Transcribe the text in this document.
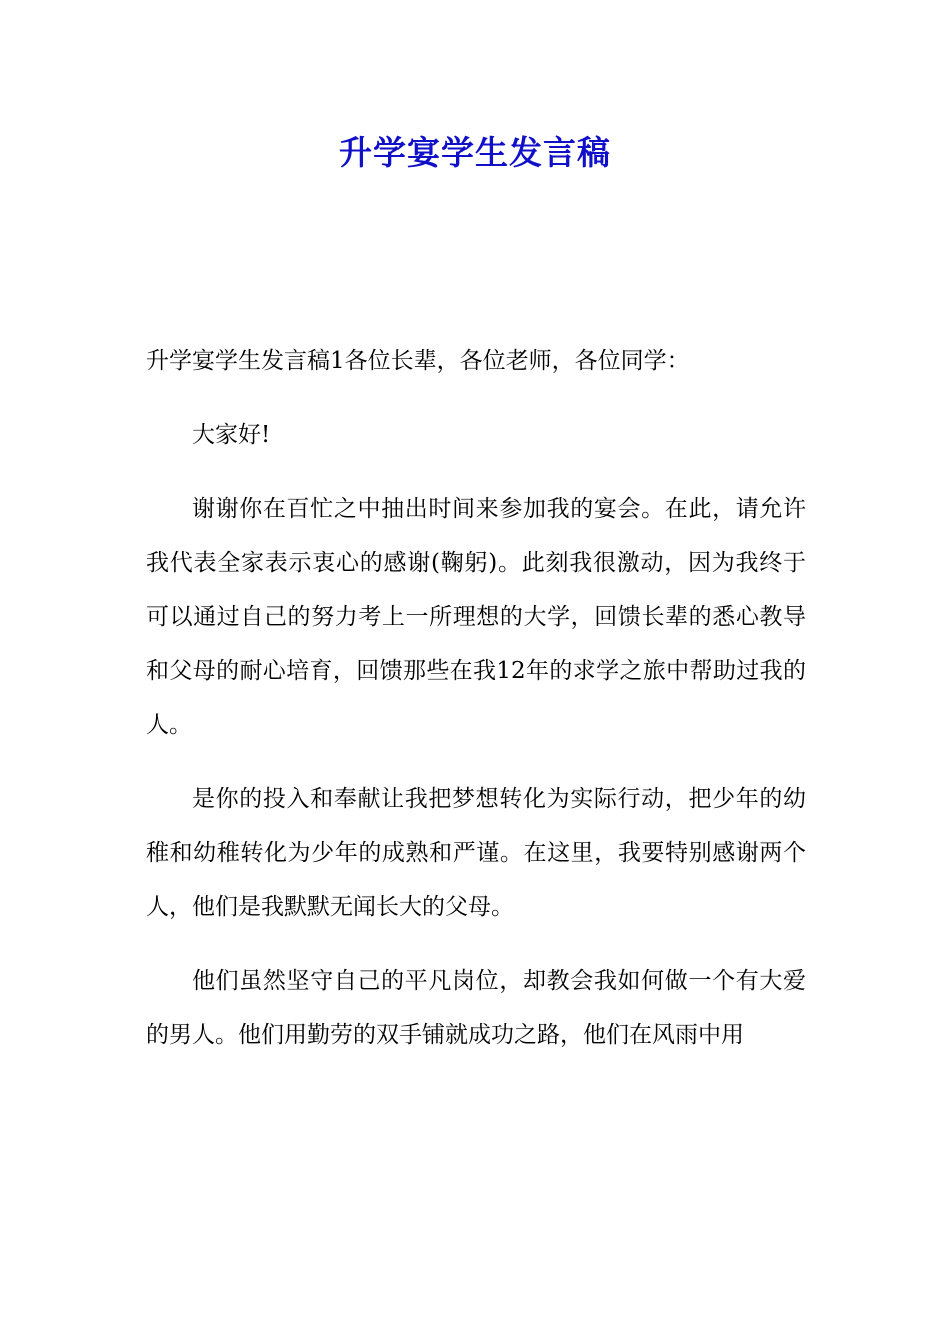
升学宴学生发言稿

升学宴学生发言稿1各位长辈，各位老师，各位同学：

大家好!

谢谢你在百忙之中抽出时间来参加我的宴会。在此，请允许我代表全家表示衷心的感谢(鞠躬)。此刻我很激动，因为我终于可以通过自己的努力考上一所理想的大学，回馈长辈的悉心教导和父母的耐心培育，回馈那些在我12年的求学之旅中帮助过我的人。

是你的投入和奉献让我把梦想转化为实际行动，把少年的幼稚和幼稚转化为少年的成熟和严谨。在这里，我要特别感谢两个人，他们是我默默无闻长大的父母。

他们虽然坚守自己的平凡岗位，却教会我如何做一个有大爱的男人。他们用勤劳的双手铺就成功之路，他们在风雨中用
